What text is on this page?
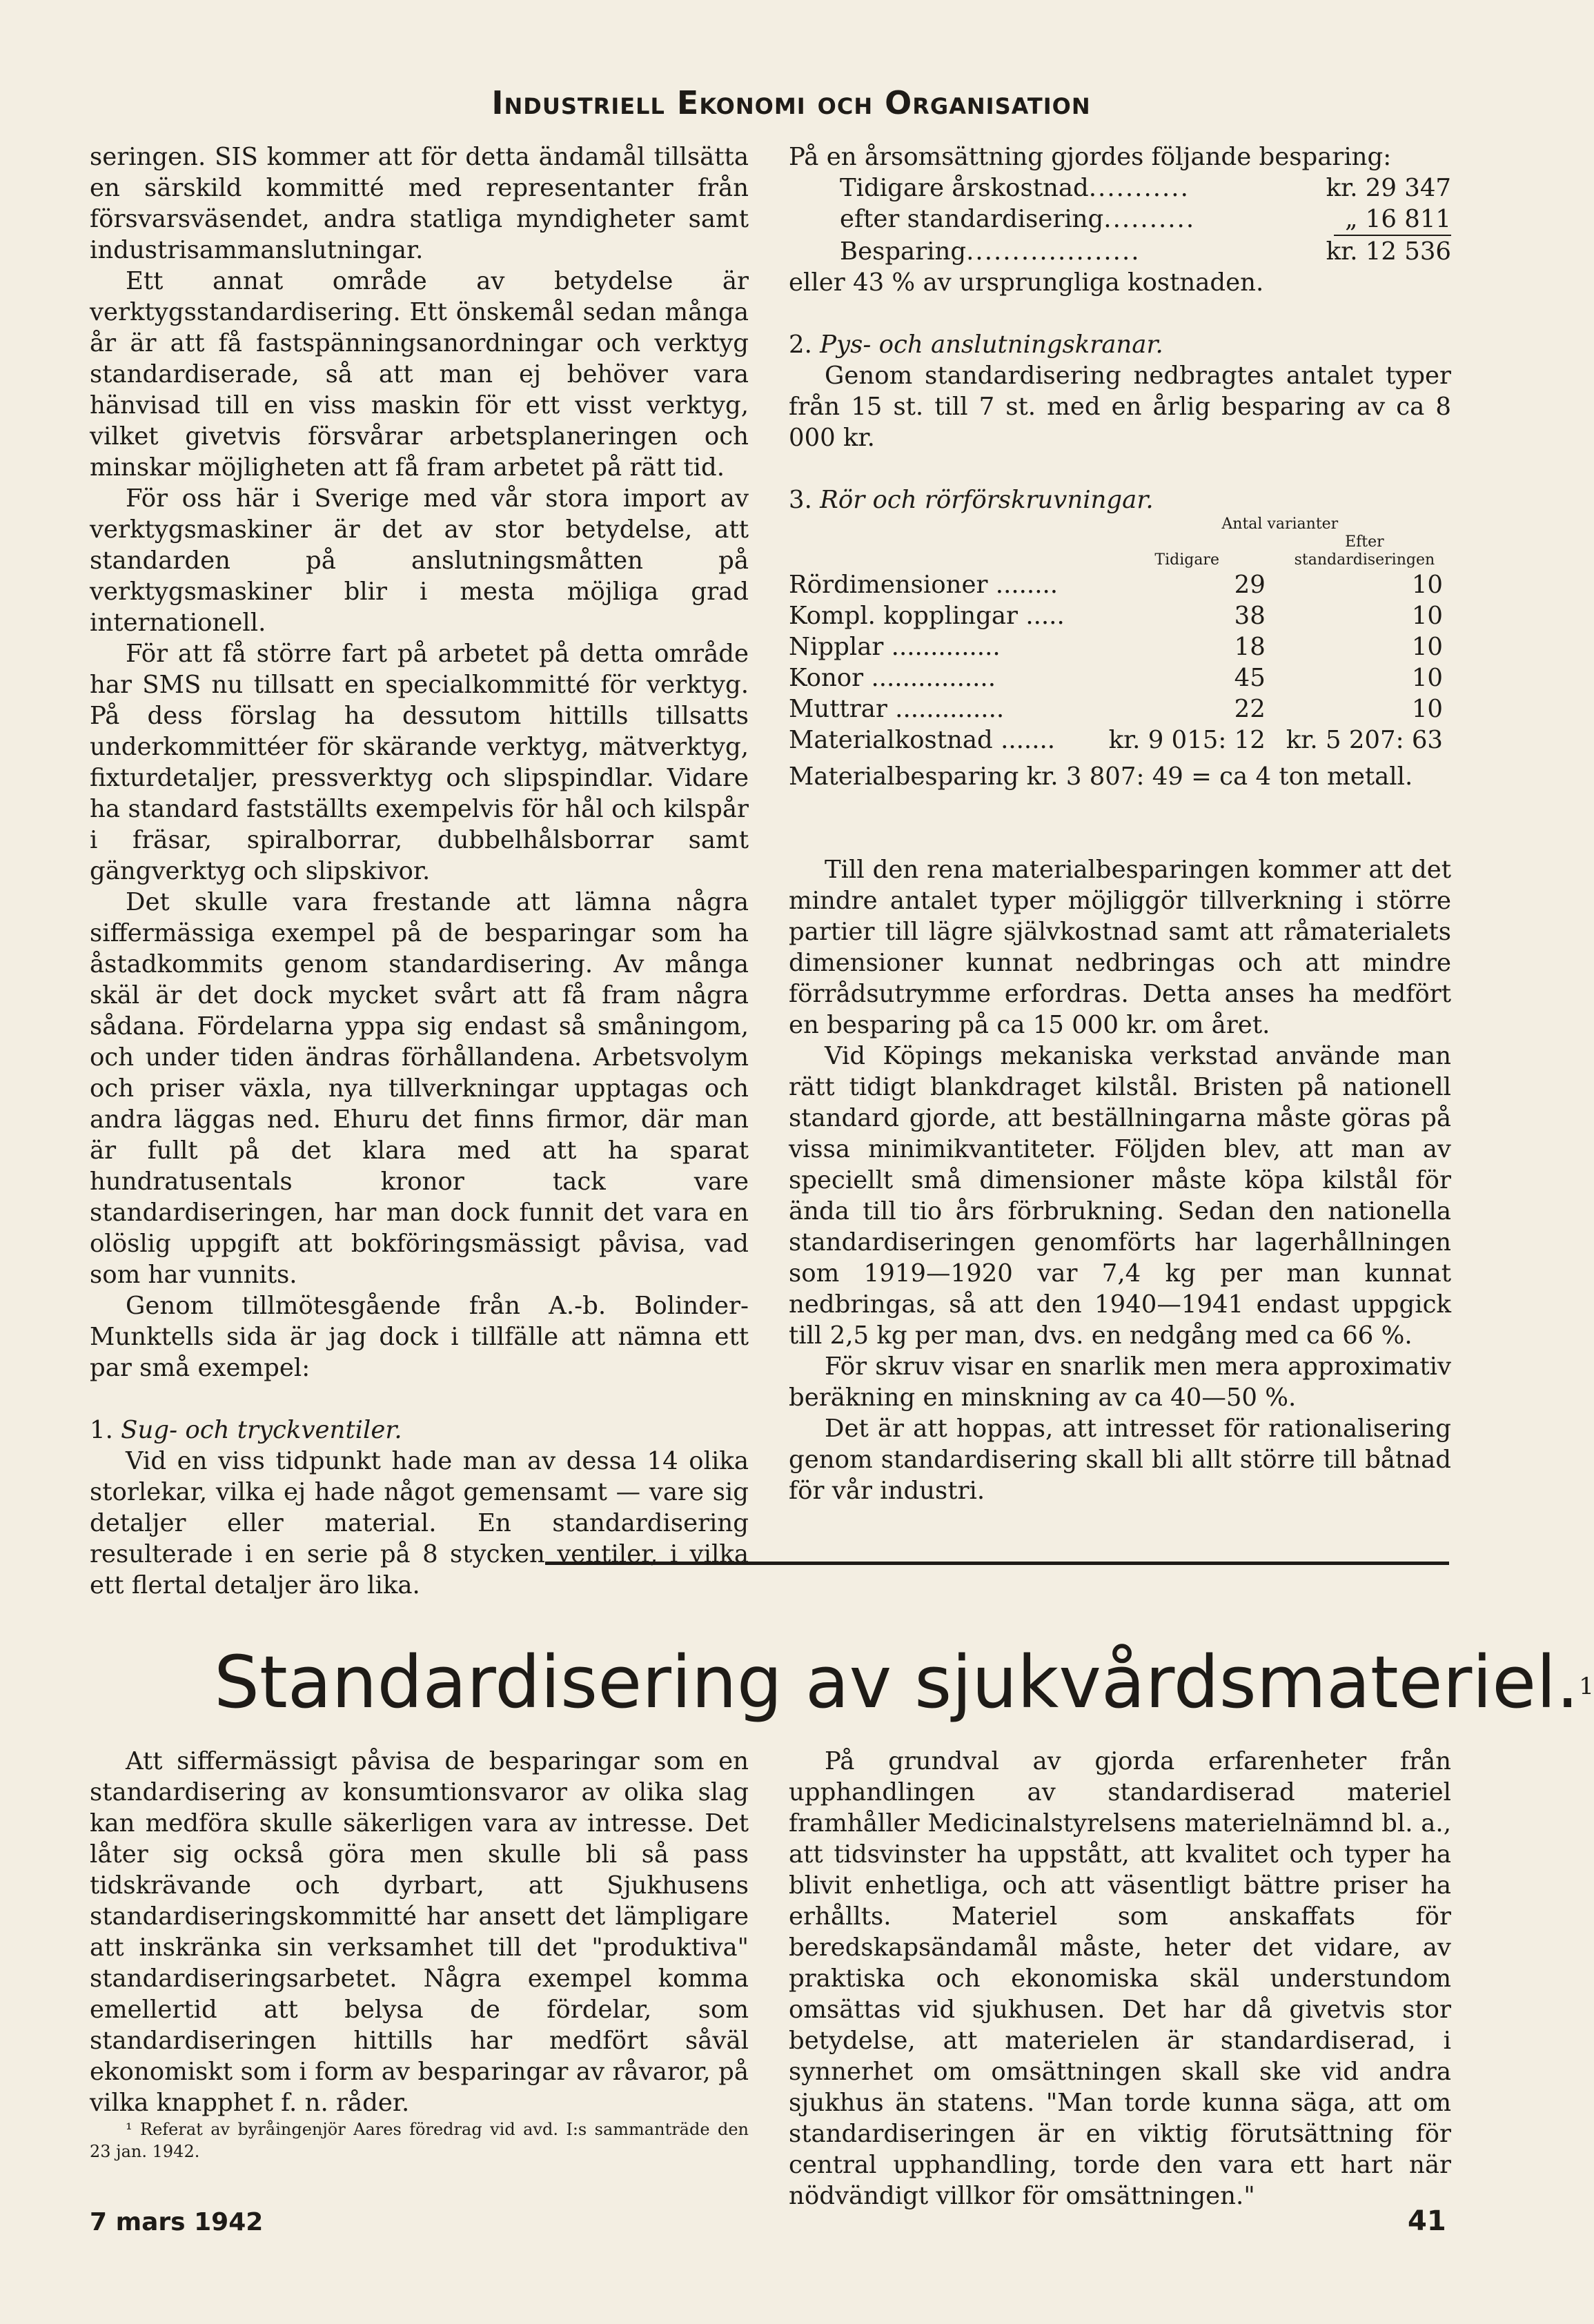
Industriell Ekonomi och Organisation

seringen. SIS kommer att för detta ändamål tillsätta en särskild kommitté med representanter från försvarsväsendet, andra statliga myndigheter samt industrisammanslutningar.

Ett annat område av betydelse är verktygsstandardisering. Ett önskemål sedan många år är att få fastspänningsanordningar och verktyg standardiserade, så att man ej behöver vara hänvisad till en viss maskin för ett visst verktyg, vilket givetvis försvårar arbetsplaneringen och minskar möjligheten att få fram arbetet på rätt tid.

För oss här i Sverige med vår stora import av verktygsmaskiner är det av stor betydelse, att standarden på anslutningsmåtten på verktygsmaskiner blir i mesta möjliga grad internationell.

För att få större fart på arbetet på detta område har SMS nu tillsatt en specialkommitté för verktyg. På dess förslag ha dessutom hittills tillsatts underkommittéer för skärande verktyg, mätverktyg, fixturdetaljer, pressverktyg och slipspindlar. Vidare ha standard fastställts exempelvis för hål och kilspår i fräsar, spiralborrar, dubbelhålsborrar samt gängverktyg och slipskivor.

Det skulle vara frestande att lämna några siffermässiga exempel på de besparingar som ha åstadkommits genom standardisering. Av många skäl är det dock mycket svårt att få fram några sådana. Fördelarna yppa sig endast så småningom, och under tiden ändras förhållandena. Arbetsvolym och priser växla, nya tillverkningar upptagas och andra läggas ned. Ehuru det finns firmor, där man är fullt på det klara med att ha sparat hundratusentals kronor tack vare standardiseringen, har man dock funnit det vara en olöslig uppgift att bokföringsmässigt påvisa, vad som har vunnits.

Genom tillmötesgående från A.-b. Bolinder-Munktells sida är jag dock i tillfälle att nämna ett par små exempel:

1. Sug- och tryckventiler.

Vid en viss tidpunkt hade man av dessa 14 olika storlekar, vilka ej hade något gemensamt — vare sig detaljer eller material. En standardisering resulterade i en serie på 8 stycken ventiler, i vilka ett flertal detaljer äro lika.

På en årsomsättning gjordes följande besparing:

Tidigare årskostnad ...........	kr. 29 347
efter standardisering ..........	„ 16 811
Besparing ...................	kr. 12 536

eller 43 % av ursprungliga kostnaden.

2. Pys- och anslutningskranar.

Genom standardisering nedbragtes antalet typer från 15 st. till 7 st. med en årlig besparing av ca 8 000 kr.

3. Rör och rörförskruvningar.

	Antal varianter	
	Tidigare	Efter standardiseringen
Rördimensioner ........	29	10
Kompl. kopplingar .....	38	10
Nipplar ..............	18	10
Konor ................	45	10
Muttrar ..............	22	10
Materialkostnad .......	kr. 9 015: 12	kr. 5 207: 63

Materialbesparing kr. 3 807: 49 = ca 4 ton metall.

Till den rena materialbesparingen kommer att det mindre antalet typer möjliggör tillverkning i större partier till lägre självkostnad samt att råmaterialets dimensioner kunnat nedbringas och att mindre förrådsutrymme erfordras. Detta anses ha medfört en besparing på ca 15 000 kr. om året.

Vid Köpings mekaniska verkstad använde man rätt tidigt blankdraget kilstål. Bristen på nationell standard gjorde, att beställningarna måste göras på vissa minimikvantiteter. Följden blev, att man av speciellt små dimensioner måste köpa kilstål för ända till tio års förbrukning. Sedan den nationella standardiseringen genomförts har lagerhållningen som 1919—1920 var 7,4 kg per man kunnat nedbringas, så att den 1940—1941 endast uppgick till 2,5 kg per man, dvs. en nedgång med ca 66 %.

För skruv visar en snarlik men mera approximativ beräkning en minskning av ca 40—50 %.

Det är att hoppas, att intresset för rationalisering genom standardisering skall bli allt större till båtnad för vår industri.

Standardisering av sjukvårdsmateriel.$^1$

Att siffermässigt påvisa de besparingar som en standardisering av konsumtionsvaror av olika slag kan medföra skulle säkerligen vara av intresse. Det låter sig också göra men skulle bli så pass tidskrävande och dyrbart, att Sjukhusens standardiseringskommitté har ansett det lämpligare att inskränka sin verksamhet till det "produktiva" standardiseringsarbetet. Några exempel komma emellertid att belysa de fördelar, som standardiseringen hittills har medfört såväl ekonomiskt som i form av besparingar av råvaror, på vilka knapphet f. n. råder.

¹ Referat av byråingenjör Aares föredrag vid avd. I:s sammanträde den 23 jan. 1942.

På grundval av gjorda erfarenheter från upphandlingen av standardiserad materiel framhåller Medicinalstyrelsens materielnämnd bl. a., att tidsvinster ha uppstått, att kvalitet och typer ha blivit enhetliga, och att väsentligt bättre priser ha erhållts. Materiel som anskaffats för beredskapsändamål måste, heter det vidare, av praktiska och ekonomiska skäl understundom omsättas vid sjukhusen. Det har då givetvis stor betydelse, att materielen är standardiserad, i synnerhet om omsättningen skall ske vid andra sjukhus än statens. "Man torde kunna säga, att om standardiseringen är en viktig förutsättning för central upphandling, torde den vara ett hart när nödvändigt villkor för omsättningen."

7 mars 1942	41
